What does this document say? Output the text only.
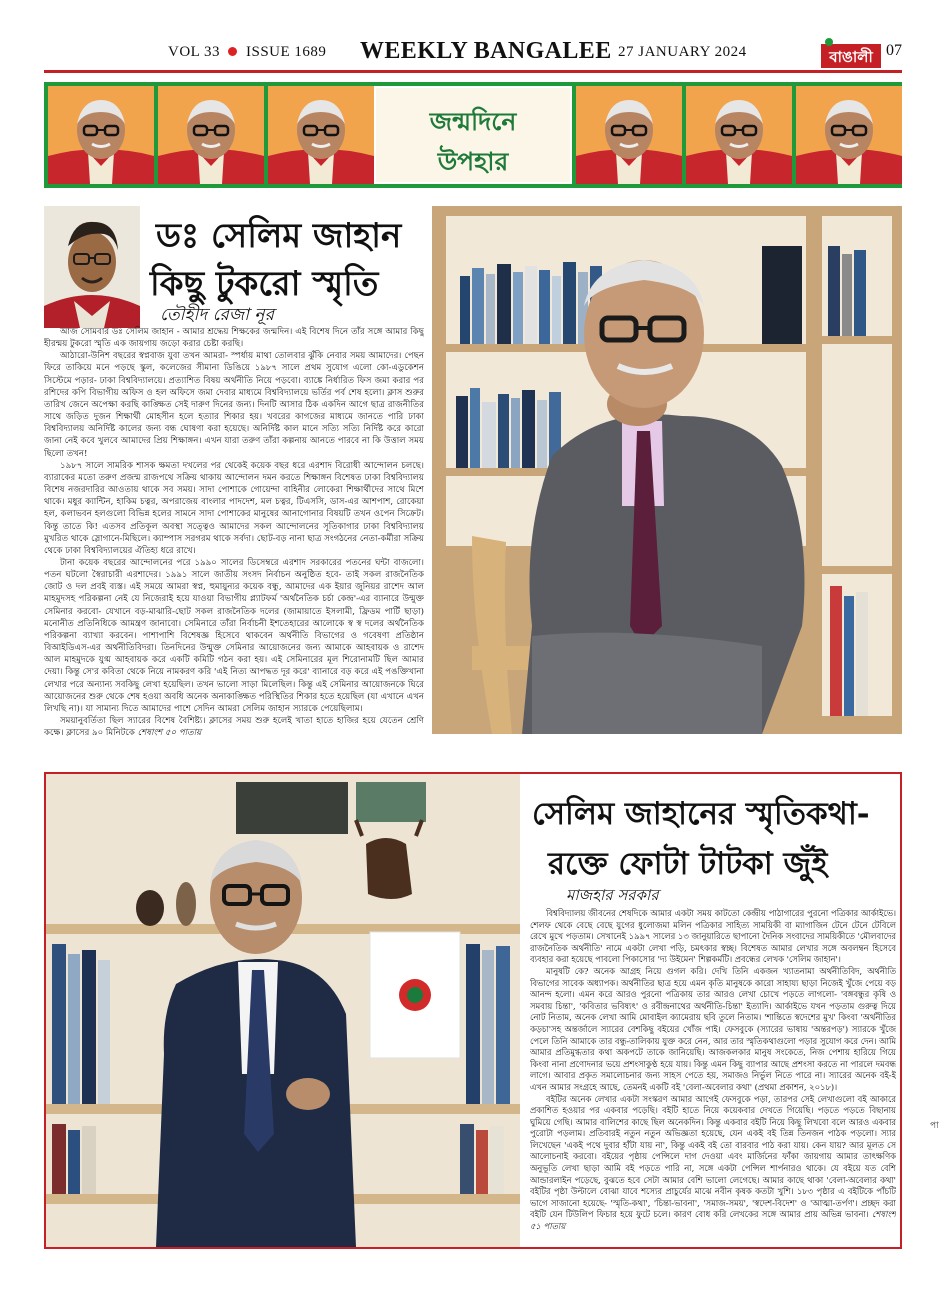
VOL 33 ISSUE 1689 WEEKLY BANGALEE 27 JANUARY 2024	বাঙালী 07
জন্মদিনে
উপহার
ডঃ সেলিম জাহান
কিছু টুকরো স্মৃতি
তৌহীদ রেজা নূর

আজ সোমবার ডঃ সেলিম জাহান - আমার শ্রদ্ধেয় শিক্ষকের জন্মদিন। এই বিশেষ দিনে তাঁর সঙ্গে আমার কিছু হীরন্ময় টুকরো স্মৃতি এক জায়গায় জড়ো করার চেষ্টা করছি।

আঠারো-উনিশ বছরের স্বপ্নবাজ যুবা তখন আমরা- স্পর্ধায় মাথা তোলবার ঝুঁকি নেবার সময় আমাদের। পেছন ফিরে তাকিয়ে মনে পড়ছে স্কুল, কলেজের সীমানা ডিঙিয়ে ১৯৮৭ সালে প্রথম সুযোগ এলো কো-এডুকেশন সিস্টেমে পড়ার- ঢাকা বিশ্ববিদ্যালয়ে। প্রত্যাশিত বিষয় অর্থনীতি নিয়ে পড়বো। ব্যাঙ্কে নির্ধারিত ফিস জমা করার পর রশিদের কপি বিভাগীয় অফিস ও হল অফিসে জমা দেবার মাধ্যমে বিশ্ববিদ্যালয়ে ভর্তির পর্ব শেষ হলো। ক্লাস শুরুর তারিখ জেনে অপেক্ষা করছি কাঙ্ক্ষিত সেই দারুণ দিনের জন্য। দিনটি আসার ঠিক একদিন আগে ছাত্র রাজনীতির সাথে জড়িত দুজন শিক্ষার্থী মোহসীন হলে হত্যার শিকার হয়। খবরের কাগজের মাধ্যমে জানতে পারি ঢাকা বিশ্ববিদ্যালয় অনির্দিষ্ট কালের জন্য বন্ধ ঘোষণা করা হয়েছে। অনির্দিষ্ট কাল মানে সত্যি সত্যি নির্দিষ্ট করে কারো জানা নেই কবে খুলবে আমাদের প্রিয় শিক্ষাঙ্গন। এখন যারা তরুণ তাঁরা কল্পনায় আনতে পারবে না কি উত্তাল সময় ছিলো তখন!

১৯৮৭ সালে সামরিক শাসক ক্ষমতা দখলের পর থেকেই কয়েক বছর ধরে এরশাদ বিরোধী আন্দোলন চলছে। ব্যারাকের মতো তরুণ প্রজন্ম রাজপথে সক্রিয় থাকায় আন্দোলন দমন করতে শিক্ষাঙ্গন বিশেষত ঢাকা বিশ্ববিদ্যালয় বিশেষ নজরদারির আওতায় থাকে সব সময়। সাদা পোশাকে গোয়েন্দা বাহিনীর লোকেরা শিক্ষার্থীদের সাথে মিশে থাকে। মধুর ক্যান্টিন, হাকিম চত্বর, অপরাজেয় বাংলার পাদদেশ, মল চত্বর, টিএসসি, ডাস-এর আশপাশ, রোকেয়া হল, কলাভবন হলগুলো বিভিন্ন হলের সামনে সাদা পোশাকের মানুষের আনাগোনার বিষয়টি তখন ওপেন সিক্রেট। কিন্তু তাতে কি! এতসব প্রতিকূল অবস্থা সত্ত্বেও আমাদের সকল আন্দোলনের সূতিকাগার ঢাকা বিশ্ববিদ্যালয় মুখরিত থাকে স্লোগানে-মিছিলে। ক্যাম্পাস সরগরম থাকে সর্বদা। ছোট-বড় নানা ছাত্র সংগঠনের নেতা-কর্মীরা সক্রিয় থেকে ঢাকা বিশ্ববিদ্যালয়ের ঐতিহ্য ধরে রাখে।

টানা কয়েক বছরের আন্দোলনের পরে ১৯৯০ সালের ডিসেম্বরে এরশাদ সরকারের পতনের ঘন্টা বাজলো। পতন ঘটলো স্বৈরাচারী এরশাদের। ১৯৯১ সালে জাতীয় সংসদ নির্বাচন অনুষ্ঠিত হবে- তাই সকল রাজনৈতিক জোট ও দল প্রবই ব্যস্ত। এই সময়ে আমরা স্বপ্ন, হুমায়ুন্যর কয়েক বন্ধু, আমাদের এক ইয়ার জুনিয়র রাশেদ আল মাহমুদসহ পরিকল্পনা নেই যে নিজেরাই হয়ে যাওয়া বিভাগীয় প্ল্যাটফর্ম 'অর্থনৈতিক চর্চা কেন্দ্র'-এর ব্যানারে উন্মুক্ত সেমিনার করবো- যেখানে বড়-মাঝারি-ছোট সকল রাজনৈতিক দলের (জামায়াতে ইসলামী, ফ্রিডম পার্টি ছাড়া) মনোনীত প্রতিনিধিকে আমন্ত্রণ জানাবো। সেমিনারে তাঁরা নির্বাচনী ইশতেহারের আলোকে স্ব স্ব দলের অর্থনৈতিক পরিকল্পনা ব্যাখ্যা করবেন। পাশাপাশি বিশেষজ্ঞ হিসেবে থাকবেন অর্থনীতি বিভাগের ও গবেষণা প্রতিষ্ঠান বিআইডিএস-এর অর্থনীতিবিদরা। তিনদিনের উন্মুক্ত সেমিনার আয়োজনের জন্য আমাকে আহবায়ক ও রাশেদ আল মাহমুদকে যুগ্ম আহবায়ক করে একটি কমিটি গঠন করা হয়। এই সেমিনারের মূল শিরোনামটি ছিল আমার দেয়া। কিন্তু সে'র কবিতা থেকে নিয়ে নামকরণ করি 'এই নিত্য আপদ্ধত দূর করে' ব্যানারে বড় করে এই পঙক্তিখানা লেখার পরে অন্যান্য সবকিছু লেখা হয়েছিল। তখন ভালো সাড়া মিলেছিল। কিন্তু এই সেমিনার আয়োজনকে ঘিরে আয়োজনের শুরু থেকে শেষ হওয়া অবধি অনেক অনাকাঙ্ক্ষিত পরিস্থিতির শিকার হতে হয়েছিল (যা এখানে এখন লিখছি না)। যা সামান্য দিতে আমাদের পাশে সেদিন আমরা সেলিম জাহান স্যারকে পেয়েছিলাম।

সময়ানুবর্তিতা ছিল স্যারের বিশেষ বৈশিষ্ট্য। ক্লাসের সময় শুরু হলেই খাতা হাতে হাজির হয়ে যেতেন শ্রেণি কক্ষে। ক্লাসের ৯০ মিনিটকে শেষাংশ ৫০ পাতায়

সেলিম জাহানের স্মৃতিকথা-
রক্তে ফোটা টাটকা জুঁই
মাজহার সরকার

বিশ্ববিদ্যালয় জীবনের শেষদিকে আমার একটা সময় কাটতো কেন্দ্রীয় পাঠাগারের পুরনো পত্রিকার আর্কাইভে। শেলফ থেকে বেছে বেছে যুগের ধুলোজমা মলিন পত্রিকার সাহিত্য সাময়িকী বা ম্যাগাজিন টেনে টেনে টেবিলে রেখে মুখে পড়তাম। সেখানেই ১৯৯৭ সালের ১৩ জানুয়ারিতে ছাপানো দৈনিক সংবাদের সাময়িকীতে 'মৌলবাদের রাজনৈতিক অর্থনীতি' নামে একটা লেখা পড়ি, চমৎকার স্বচ্ছ। বিশেষত আমার লেখার সঙ্গে অবলম্বন হিসেবে ব্যবহার করা হয়েছে পাবলো পিকাসোর 'দ্য উইমেন' শিল্পকর্মটি। প্রবন্ধের লেখক 'সেলিম জাহান'।

মানুষটি কে? অনেক আগ্রহ নিয়ে গুগল করি। দেখি তিনি একজন খ্যাতনামা অর্থনীতিবিদ, অর্থনীতি বিভাগের সাবেক অধ্যাপক। অর্থনীতির ছাত্র হয়ে এমন কৃতি মানুষকে কারো সাহায্য ছাড়া নিজেই খুঁজে পেয়ে বড় আনন্দ হলো। এমন করে আরও পুরনো পত্রিকায় তার আরও লেখা চোখে পড়তে লাগলো- 'বঙ্গবন্ধুর কৃষি ও সমবায় চিন্তা', 'কবিতার ভবিষ্যৎ' ও রবীন্দ্রনাথের অর্থনীতি-চিন্তা' ইত্যাদি। আর্কাইভে যখন পড়তাম গুরুত্ব দিয়ে নোট নিতাম, অনেক লেখা আমি মোবাইল ক্যামেরায় ছবি তুলে নিতাম। 'শান্তিতে স্বদেশের মুখ' কিংবা 'অর্থনীতির কড়চা'সহ অন্তর্জালে স্যারের বেশকিছু বইয়ের খোঁজ পাই। ফেসবুকে (স্যারের ভাষায় 'অন্তরপড়') স্যারকে খুঁজে পেলে তিনি আমাকে তার বন্ধু-তালিকায় যুক্ত করে নেন, আর তার স্মৃতিকথাগুলো পড়ার সুযোগ করে দেন। আমি আমার প্রতিমুগ্ধতার কথা অকপটে তাকে জানিয়েছি। আজকলকার মানুষ সংকেতে, নিজ পেশায় হারিয়ে গিয়ে কিংবা নানা প্রণোদনার ভয়ে প্রশংসাকুণ্ঠ হয়ে যায়। কিন্তু এমন কিছু ব্যাপার আছে প্রশংসা করতে না পারলে দমবন্ধ লাগে। আবার প্রকৃত সমালোচনার জন্য সাহস পেতে হয়, সমাজও নির্ভুল নিতে পারে না। স্যারের অনেক বই-ই এখন আমার সংগ্রহে আছে, তেমনই একটি বই 'বেলা-অবেলার কথা' (প্রথমা প্রকাশন, ২০১৮)।

বইটির অনেক লেখার একটা সংস্করণ আমার আগেই ফেসবুকে পড়া, তারপর সেই লেখাগুলো বই আকারে প্রকাশিত হওয়ার পর একবার পড়েছি। বইটি হাতে নিয়ে কয়েকবার দেখতে গিয়েছি। পড়তে পড়তে বিছানায় ঘুমিয়ে গেছি। আমার বালিশের কাছে ছিল অনেকদিন। কিন্তু একবার বইটি নিয়ে কিছু লিখবো বলে আরও একবার পুরোটা পড়লাম। প্রতিবারই নতুন নতুন অভিজ্ঞতা হয়েছে, যেন একই বই তিন্ন তিনজন পাঠক পড়লো। স্যার লিখেছেন 'একই পথে দুবার হাঁটা যায় না', কিন্তু একই বই তো বারবার পাঠ করা যায়। কেন যায়? আর মূলত সে আলোচনাই করবো। বইয়ের পৃষ্ঠায় পেন্সিলে দাগ দেওয়া এবং মার্জিনের ফাঁকা জায়গায় আমার তাৎক্ষণিক অনুভূতি লেখা ছাড়া আমি বই পড়তে পারি না, সঙ্গে একটা পেন্সিল শার্পনারও থাকে। যে বইয়ে যত বেশি আন্ডারলাইন পড়েছে, বুঝতে হবে সেটা আমার বেশি ভালো লেগেছে। আমার কাছে থাকা 'বেলা-অবেলার কথা' বইটির পৃষ্ঠা উল্টালে বোঝা যাবে শস্যের প্রাচুর্যের মাঝে নবীন কৃষক কতটা খুশি। ১৮৩ পৃষ্ঠার এ বইটিকে পাঁচটি ভাগে সাজানো হয়েছে- 'স্মৃতি-কথা', 'চিন্তা-ভাবনা', 'সমাজ-সময়', 'স্বদেশ-বিদেশ' ও 'আত্মা-তর্পণ'। প্রচ্ছদ করা বইটি যেন টিউলিপ ফিচার হয়ে ফুটে চলে। কারণ বোধ করি লেখকের সঙ্গে আমার প্রায় অভিন্ন ভাবনা। শেষাংশ ৫১ পাতায়

পা
